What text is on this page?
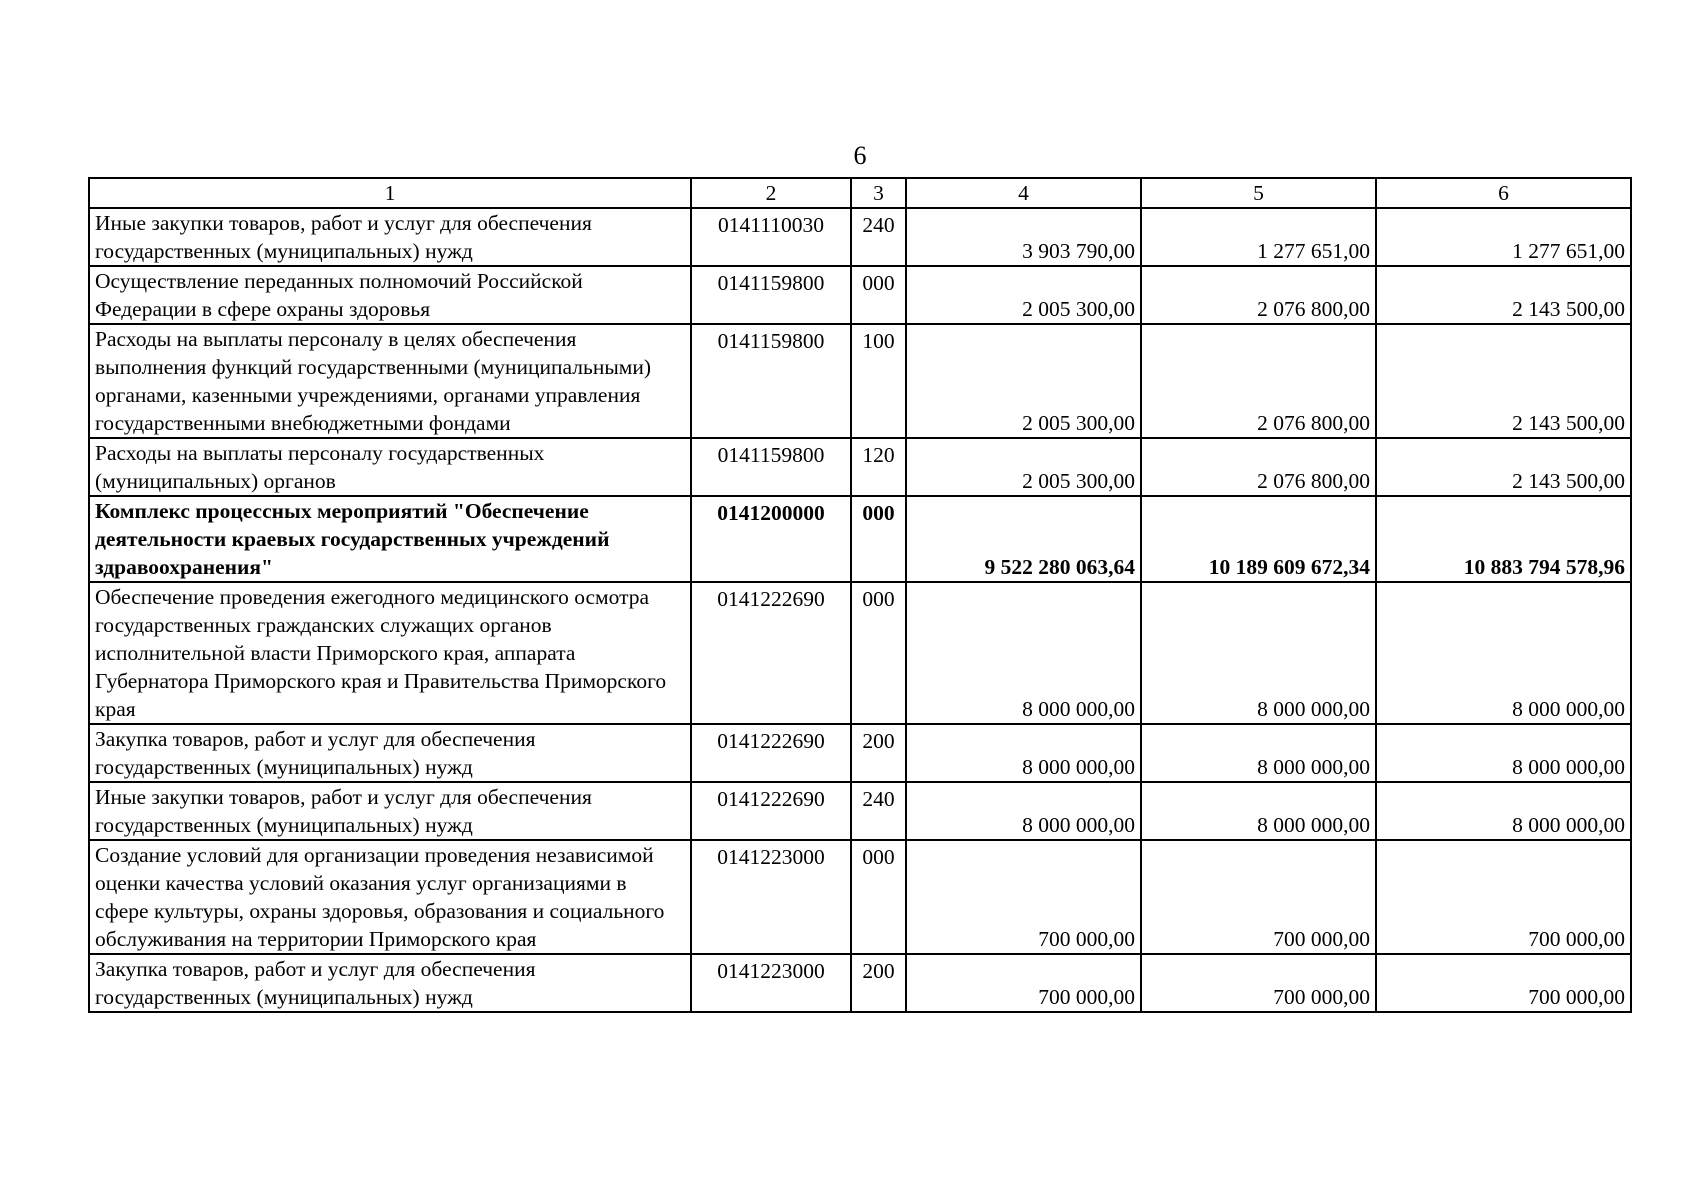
6
1	2	3	4	5	6
Иные закупки товаров, работ и услуг для обеспечения государственных (муниципальных) нужд	0141110030	240	3 903 790,00	1 277 651,00	1 277 651,00
Осуществление переданных полномочий Российской Федерации в сфере охраны здоровья	0141159800	000	2 005 300,00	2 076 800,00	2 143 500,00
Расходы на выплаты персоналу в целях обеспечения выполнения функций государственными (муниципальными) органами, казенными учреждениями, органами управления государственными внебюджетными фондами	0141159800	100	2 005 300,00	2 076 800,00	2 143 500,00
Расходы на выплаты персоналу государственных (муниципальных) органов	0141159800	120	2 005 300,00	2 076 800,00	2 143 500,00
Комплекс процессных мероприятий "Обеспечение деятельности краевых государственных учреждений здравоохранения"	0141200000	000	9 522 280 063,64	10 189 609 672,34	10 883 794 578,96
Обеспечение проведения ежегодного медицинского осмотра государственных гражданских служащих органов исполнительной власти Приморского края, аппарата Губернатора Приморского края и Правительства Приморского края	0141222690	000	8 000 000,00	8 000 000,00	8 000 000,00
Закупка товаров, работ и услуг для обеспечения государственных (муниципальных) нужд	0141222690	200	8 000 000,00	8 000 000,00	8 000 000,00
Иные закупки товаров, работ и услуг для обеспечения государственных (муниципальных) нужд	0141222690	240	8 000 000,00	8 000 000,00	8 000 000,00
Создание условий для организации проведения независимой оценки качества условий оказания услуг организациями в сфере культуры, охраны здоровья, образования и социального обслуживания на территории Приморского края	0141223000	000	700 000,00	700 000,00	700 000,00
Закупка товаров, работ и услуг для обеспечения государственных (муниципальных) нужд	0141223000	200	700 000,00	700 000,00	700 000,00
